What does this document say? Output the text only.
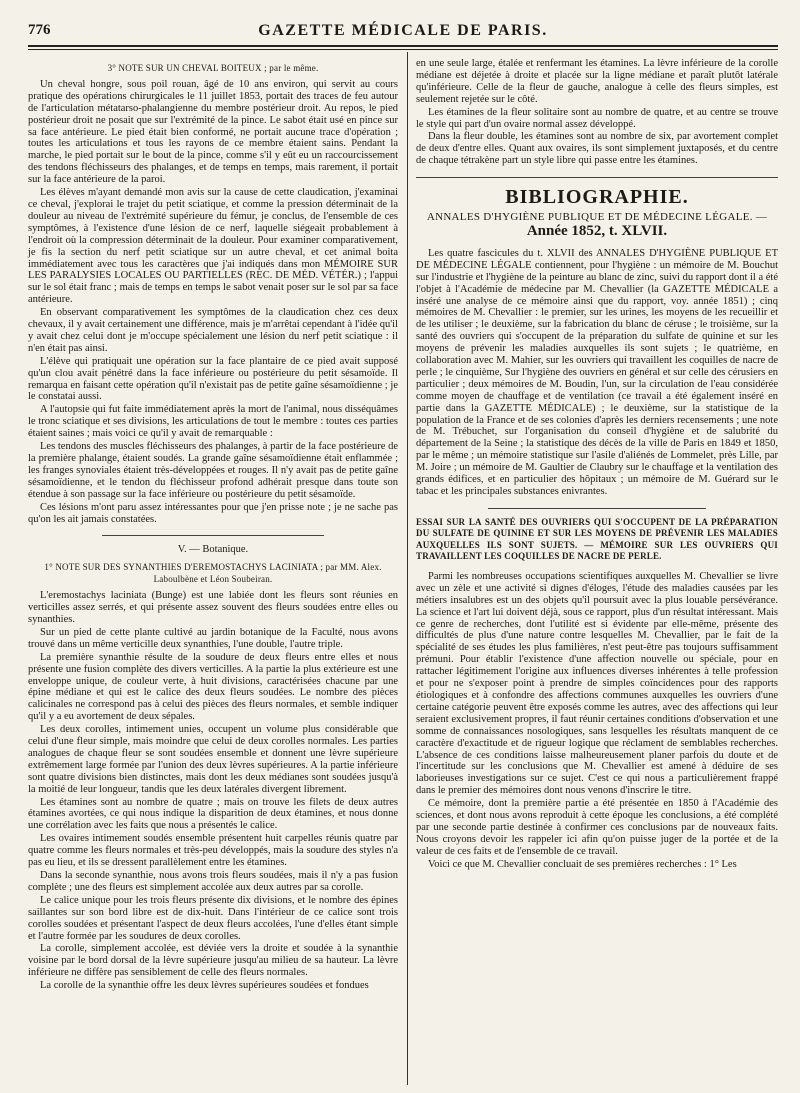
776	GAZETTE MÉDICALE DE PARIS.

3° NOTE SUR UN CHEVAL BOITEUX ; par le même.

Un cheval hongre, sous poil rouan, âgé de 10 ans environ, qui servit au cours pratique des opérations chirurgicales le 11 juillet 1853, portait des traces de feu autour de l'articulation métatarso-phalangienne du membre postérieur droit. Au repos, le pied postérieur droit ne posait que sur l'extrémité de la pince. Le sabot était usé en pince sur sa face antérieure. Le pied était bien conformé, ne portait aucune trace d'opération ; toutes les articulations et tous les rayons de ce membre étaient sains. Pendant la marche, le pied portait sur le bout de la pince, comme s'il y eût eu un raccourcissement des tendons fléchisseurs des phalanges, et de temps en temps, mais rarement, il portait sur la face antérieure de la paroi.

Les élèves m'ayant demandé mon avis sur la cause de cette claudication, j'examinai ce cheval, j'explorai le trajet du petit sciatique, et comme la pression déterminait de la douleur au niveau de l'extrémité supérieure du fémur, je conclus, de l'ensemble de ces symptômes, à l'existence d'une lésion de ce nerf, laquelle siégeait probablement à l'endroit où la compression déterminait de la douleur. Pour examiner comparativement, je fis la section du nerf petit sciatique sur un autre cheval, et cet animal boita immédiatement avec tous les caractères que j'ai indiqués dans mon MÉMOIRE SUR LES PARALYSIES LOCALES OU PARTIELLES (REC. DE MÉD. VÉTÉR.) ; l'appui sur le sol était franc ; mais de temps en temps le sabot venait poser sur le sol par sa face antérieure.

En observant comparativement les symptômes de la claudication chez ces deux chevaux, il y avait certainement une différence, mais je m'arrêtai cependant à l'idée qu'il y avait chez celui dont je m'occupe spécialement une lésion du nerf petit sciatique : il n'en était pas ainsi.

L'élève qui pratiquait une opération sur la face plantaire de ce pied avait supposé qu'un clou avait pénétré dans la face inférieure ou postérieure du petit sésamoïde. Il remarqua en faisant cette opération qu'il n'existait pas de petite gaîne sésamoïdienne ; je le constatai aussi.

A l'autopsie qui fut faite immédiatement après la mort de l'animal, nous disséquâmes le tronc sciatique et ses divisions, les articulations de tout le membre : toutes ces parties étaient saines ; mais voici ce qu'il y avait de remarquable :

Les tendons des muscles fléchisseurs des phalanges, à partir de la face postérieure de la première phalange, étaient soudés. La grande gaîne sésamoïdienne était enflammée ; les franges synoviales étaient très-développées et rouges. Il n'y avait pas de petite gaîne sésamoïdienne, et le tendon du fléchisseur profond adhérait presque dans toute son étendue à son passage sur la face inférieure ou postérieure du petit sésamoïde.

Ces lésions m'ont paru assez intéressantes pour que j'en prisse note ; je ne sache pas qu'on les ait jamais constatées.

V. — Botanique.

1° NOTE SUR DES SYNANTHIES D'EREMOSTACHYS LACINIATA ; par MM. Alex. Laboulbène et Léon Soubeiran.

L'eremostachys laciniata (Bunge) est une labiée dont les fleurs sont réunies en verticilles assez serrés, et qui présente assez souvent des fleurs soudées entre elles ou synanthies.

Sur un pied de cette plante cultivé au jardin botanique de la Faculté, nous avons trouvé dans un même verticille deux synanthies, l'une double, l'autre triple.

La première synanthie résulte de la soudure de deux fleurs entre elles et nous présente une fusion complète des divers verticilles. A la partie la plus extérieure est une enveloppe unique, de couleur verte, à huit divisions, caractérisées chacune par une épine médiane et qui est le calice des deux fleurs soudées. Le nombre des pièces calicinales ne correspond pas à celui des pièces des fleurs normales, et semble indiquer qu'il y a eu avortement de deux sépales.

Les deux corolles, intimement unies, occupent un volume plus considérable que celui d'une fleur simple, mais moindre que celui de deux corolles normales. Les parties analogues de chaque fleur se sont soudées ensemble et donnent une lèvre supérieure extrêmement large formée par l'union des deux lèvres supérieures. A la partie inférieure sont quatre divisions bien distinctes, mais dont les deux médianes sont soudées jusqu'à la moitié de leur longueur, tandis que les deux latérales divergent librement.

Les étamines sont au nombre de quatre ; mais on trouve les filets de deux autres étamines avortées, ce qui nous indique la disparition de deux étamines, et nous donne une corrélation avec les faits que nous a présentés le calice.

Les ovaires intimement soudés ensemble présentent huit carpelles réunis quatre par quatre comme les fleurs normales et très-peu développés, mais la soudure des styles n'a pas eu lieu, et ils se dressent parallèlement entre les étamines.

Dans la seconde synanthie, nous avons trois fleurs soudées, mais il n'y a pas fusion complète ; une des fleurs est simplement accolée aux deux autres par sa corolle.

Le calice unique pour les trois fleurs présente dix divisions, et le nombre des épines saillantes sur son bord libre est de dix-huit. Dans l'intérieur de ce calice sont trois corolles soudées et présentant l'aspect de deux fleurs accolées, l'une d'elles étant simple et l'autre formée par les soudures de deux corolles.

La corolle, simplement accolée, est déviée vers la droite et soudée à la synanthie voisine par le bord dorsal de la lèvre supérieure jusqu'au milieu de sa hauteur. La lèvre inférieure ne diffère pas sensiblement de celle des fleurs normales.

La corolle de la synanthie offre les deux lèvres supérieures soudées et fondues

en une seule large, étalée et renfermant les étamines. La lèvre inférieure de la corolle médiane est déjetée à droite et placée sur la ligne médiane et paraît plutôt latérale qu'inférieure. Celle de la fleur de gauche, analogue à celle des fleurs simples, est seulement rejetée sur le côté.

Les étamines de la fleur solitaire sont au nombre de quatre, et au centre se trouve le style qui part d'un ovaire normal assez développé.

Dans la fleur double, les étamines sont au nombre de six, par avortement complet de deux d'entre elles. Quant aux ovaires, ils sont simplement juxtaposés, et du centre de chaque tétrakène part un style libre qui passe entre les étamines.

BIBLIOGRAPHIE.

ANNALES D'HYGIÈNE PUBLIQUE ET DE MÉDECINE LÉGALE. —

Année 1852, t. XLVII.

Les quatre fascicules du t. XLVII des ANNALES D'HYGIÈNE PUBLIQUE ET DE MÉDECINE LÉGALE contiennent, pour l'hygiène : un mémoire de M. Bouchut sur l'industrie et l'hygiène de la peinture au blanc de zinc, suivi du rapport dont il a été l'objet à l'Académie de médecine par M. Chevallier (la GAZETTE MÉDICALE a inséré une analyse de ce mémoire ainsi que du rapport, voy. année 1851) ; cinq mémoires de M. Chevallier : le premier, sur les urines, les moyens de les recueillir et de les utiliser ; le deuxième, sur la fabrication du blanc de céruse ; le troisième, sur la santé des ouvriers qui s'occupent de la préparation du sulfate de quinine et sur les moyens de prévenir les maladies auxquelles ils sont sujets ; le quatrième, en collaboration avec M. Mahier, sur les ouvriers qui travaillent les coquilles de nacre de perle ; le cinquième, Sur l'hygiène des ouvriers en général et sur celle des cérusiers en particulier ; deux mémoires de M. Boudin, l'un, sur la circulation de l'eau considérée comme moyen de chauffage et de ventilation (ce travail a été également inséré en partie dans la GAZETTE MÉDICALE) ; le deuxième, sur la statistique de la population de la France et de ses colonies d'après les derniers recensements ; une note de M. Trébuchet, sur l'organisation du conseil d'hygiène et de salubrité du département de la Seine ; la statistique des décès de la ville de Paris en 1849 et 1850, par le même ; un mémoire statistique sur l'asile d'aliénés de Lommelet, près Lille, par M. Joire ; un mémoire de M. Gaultier de Claubry sur le chauffage et la ventilation des grands édifices, et en particulier des hôpitaux ; un mémoire de M. Guérard sur le tabac et les principales substances enivrantes.

ESSAI SUR LA SANTÉ DES OUVRIERS QUI S'OCCUPENT DE LA PRÉPARATION DU SULFATE DE QUININE ET SUR LES MOYENS DE PRÉVENIR LES MALADIES AUXQUELLES ILS SONT SUJETS. — MÉMOIRE SUR LES OUVRIERS QUI TRAVAILLENT LES COQUILLES DE NACRE DE PERLE.

Parmi les nombreuses occupations scientifiques auxquelles M. Chevallier se livre avec un zèle et une activité si dignes d'éloges, l'étude des maladies causées par les métiers insalubres est un des objets qu'il poursuit avec la plus louable persévérance. La science et l'art lui doivent déjà, sous ce rapport, plus d'un résultat intéressant. Mais ce genre de recherches, dont l'utilité est si évidente par elle-même, présente des difficultés de plus d'une nature contre lesquelles M. Chevallier, par le fait de la spécialité de ses études les plus familières, n'est peut-être pas toujours suffisamment prémuni. Pour établir l'existence d'une affection nouvelle ou spéciale, pour en rattacher légitimement l'origine aux influences diverses inhérentes à telle profession et pour ne s'exposer point à prendre de simples coïncidences pour des rapports étiologiques et à confondre des affections communes auxquelles les ouvriers d'une certaine catégorie peuvent être exposés comme les autres, avec des affections qui leur seraient exclusivement propres, il faut réunir certaines conditions d'observation et une somme de connaissances nosologiques, sans lesquelles les résultats manquent de ce caractère d'exactitude et de rigueur logique que réclament de semblables recherches. L'absence de ces conditions laisse malheureusement planer parfois du doute et de l'incertitude sur les conclusions que M. Chevallier est amené à déduire de ses laborieuses investigations sur ce sujet. C'est ce qui nous a particulièrement frappé dans le premier des mémoires dont nous venons d'inscrire le titre.

Ce mémoire, dont la première partie a été présentée en 1850 à l'Académie des sciences, et dont nous avons reproduit à cette époque les conclusions, a été complété par une seconde partie destinée à confirmer ces conclusions par de nouveaux faits. Nous croyons devoir les rappeler ici afin qu'on puisse juger de la portée et de la valeur de ces faits et de l'ensemble de ce travail.

Voici ce que M. Chevallier concluait de ses premières recherches : 1° Les
